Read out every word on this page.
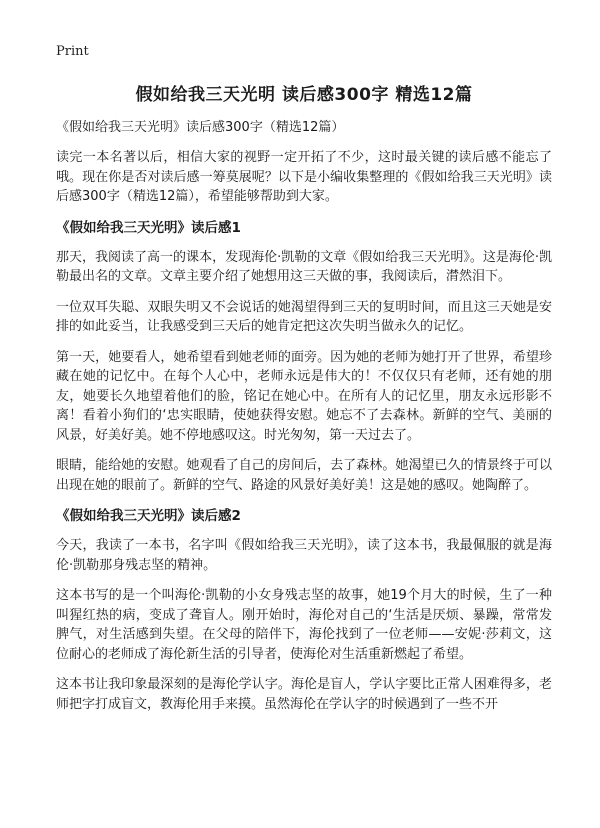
Print
假如给我三天光明 读后感300字 精选12篇

《假如给我三天光明》读后感300字（精选12篇）

读完一本名著以后，相信大家的视野一定开拓了不少，这时最关键的读后感不能忘了哦。现在你是否对读后感一筹莫展呢？以下是小编收集整理的《假如给我三天光明》读后感300字（精选12篇），希望能够帮助到大家。

《假如给我三天光明》读后感1

那天，我阅读了高一的课本，发现海伦·凯勒的文章《假如给我三天光明》。这是海伦·凯勒最出名的文章。文章主要介绍了她想用这三天做的事，我阅读后，潸然泪下。

一位双耳失聪、双眼失明又不会说话的她渴望得到三天的复明时间，而且这三天她是安排的如此妥当，让我感受到三天后的她肯定把这次失明当做永久的记忆。

第一天，她要看人，她希望看到她老师的面旁。因为她的老师为她打开了世界，希望珍藏在她的记忆中。在每个人心中，老师永远是伟大的！不仅仅只有老师，还有她的朋友，她要长久地望着他们的脸，铭记在她心中。在所有人的记忆里，朋友永远形影不离！看着小狗们的‘忠实眼睛，使她获得安慰。她忘不了去森林。新鲜的空气、美丽的风景，好美好美。她不停地感叹这。时光匆匆，第一天过去了。

眼睛，能给她的安慰。她观看了自己的房间后，去了森林。她渴望已久的情景终于可以出现在她的眼前了。新鲜的空气、路途的风景好美好美！这是她的感叹。她陶醉了。

《假如给我三天光明》读后感2

今天，我读了一本书，名字叫《假如给我三天光明》，读了这本书，我最佩服的就是海伦·凯勒那身残志坚的精神。

这本书写的是一个叫海伦·凯勒的小女身残志坚的故事，她19个月大的时候，生了一种叫猩红热的病，变成了聋盲人。刚开始时，海伦对自己的‘生活是厌烦、暴躁，常常发脾气，对生活感到失望。在父母的陪伴下，海伦找到了一位老师——安妮·莎莉文，这位耐心的老师成了海伦新生活的引导者，使海伦对生活重新燃起了希望。

这本书让我印象最深刻的是海伦学认字。海伦是盲人，学认字要比正常人困难得多，老师把字打成盲文，教海伦用手来摸。虽然海伦在学认字的时候遇到了一些不开
